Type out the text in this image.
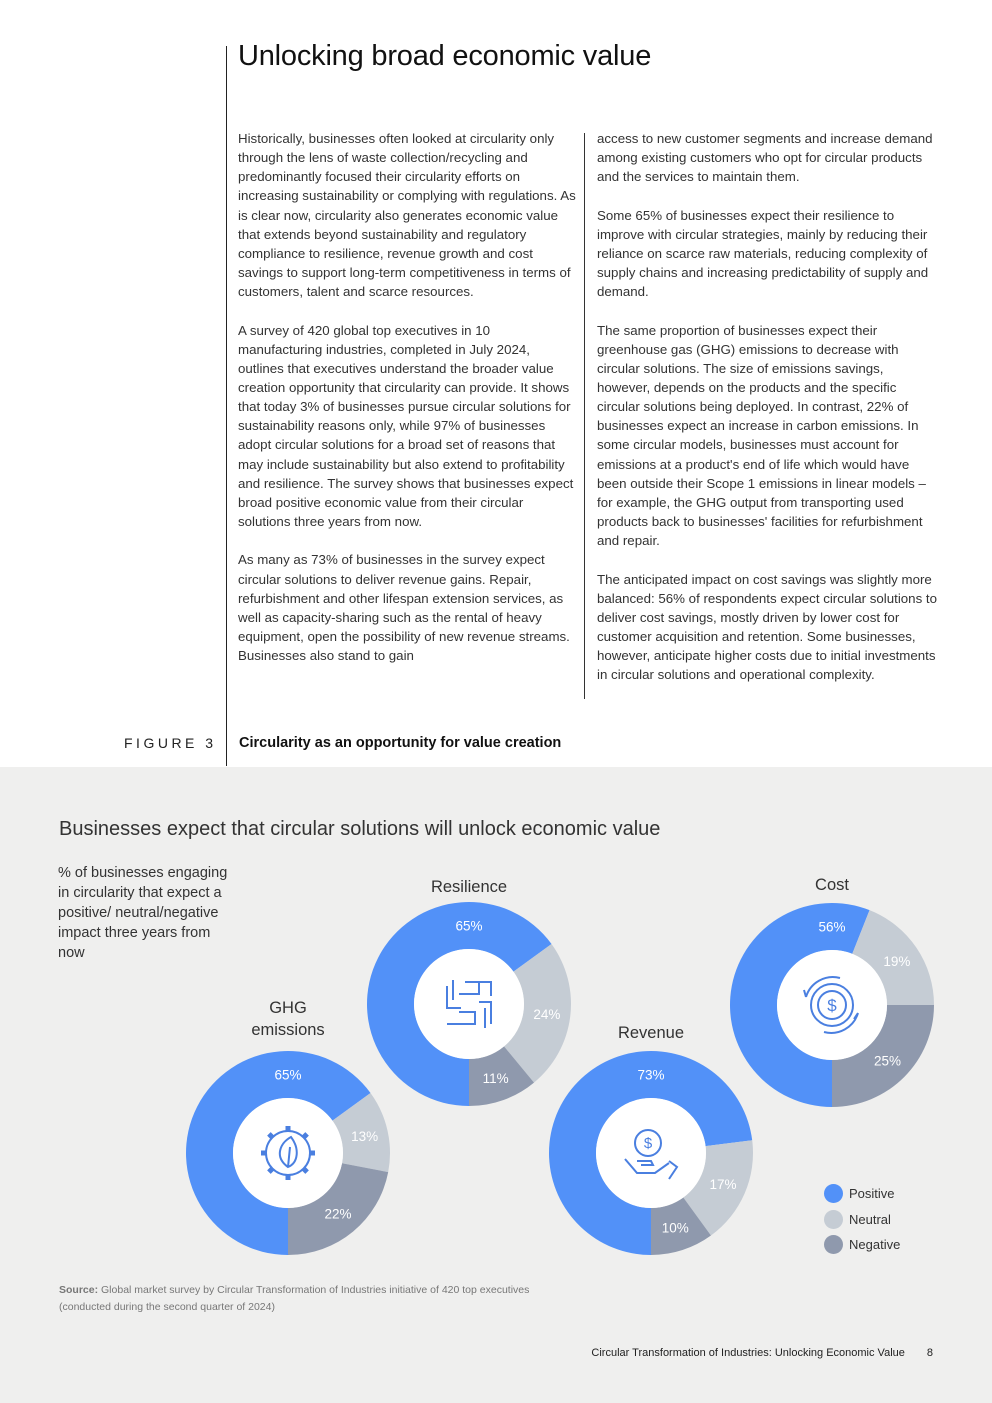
Unlocking broad economic value

Historically, businesses often looked at circularity only through the lens of waste collection/recycling and predominantly focused their circularity efforts on increasing sustainability or complying with regulations. As is clear now, circularity also generates economic value that extends beyond sustainability and regulatory compliance to resilience, revenue growth and cost savings to support long-term competitiveness in terms of customers, talent and scarce resources.

A survey of 420 global top executives in 10 manufacturing industries, completed in July 2024, outlines that executives understand the broader value creation opportunity that circularity can provide. It shows that today 3% of businesses pursue circular solutions for sustainability reasons only, while 97% of businesses adopt circular solutions for a broad set of reasons that may include sustainability but also extend to profitability and resilience. The survey shows that businesses expect broad positive economic value from their circular solutions three years from now.

As many as 73% of businesses in the survey expect circular solutions to deliver revenue gains. Repair, refurbishment and other lifespan extension services, as well as capacity-sharing such as the rental of heavy equipment, open the possibility of new revenue streams. Businesses also stand to gain

access to new customer segments and increase demand among existing customers who opt for circular products and the services to maintain them.

Some 65% of businesses expect their resilience to improve with circular strategies, mainly by reducing their reliance on scarce raw materials, reducing complexity of supply chains and increasing predictability of supply and demand.

The same proportion of businesses expect their greenhouse gas (GHG) emissions to decrease with circular solutions. The size of emissions savings, however, depends on the products and the specific circular solutions being deployed. In contrast, 22% of businesses expect an increase in carbon emissions. In some circular models, businesses must account for emissions at a product's end of life which would have been outside their Scope 1 emissions in linear models – for example, the GHG output from transporting used products back to businesses' facilities for refurbishment and repair.

The anticipated impact on cost savings was slightly more balanced: 56% of respondents expect circular solutions to deliver cost savings, mostly driven by lower cost for customer acquisition and retention. Some businesses, however, anticipate higher costs due to initial investments in circular solutions and operational complexity.

FIGURE 3 Circularity as an opportunity for value creation
Businesses expect that circular solutions will unlock economic value
% of businesses engaging in circularity that expect a positive/ neutral/negative impact three years from now
65%
13%
22%
GHG
emissions
65%
24%
11%
Resilience
73%
17%
10%
$
Revenue
56%
19%
25%
$
Cost
Positive
Neutral
Negative
Source: Global market survey by Circular Transformation of Industries initiative of 420 top executives
(conducted during the second quarter of 2024)
Circular Transformation of Industries: Unlocking Economic Value 8
